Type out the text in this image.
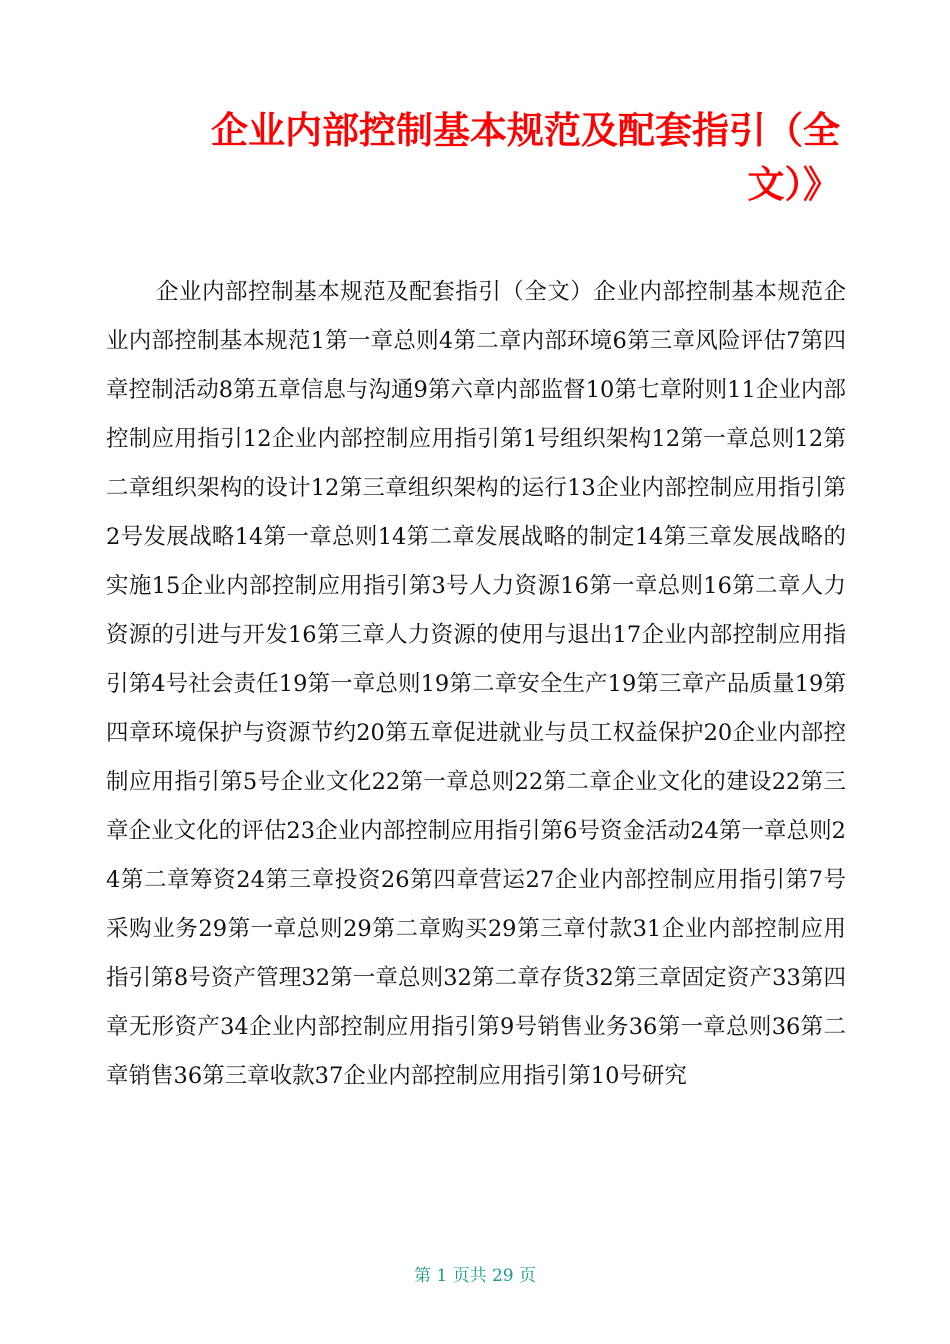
企业内部控制基本规范及配套指引（全文）》

企业内部控制基本规范及配套指引（全文）企业内部控制基本规范企业内部控制基本规范1第一章总则4第二章内部环境6第三章风险评估7第四章控制活动8第五章信息与沟通9第六章内部监督10第七章附则11企业内部控制应用指引12企业内部控制应用指引第1号组织架构12第一章总则12第二章组织架构的设计12第三章组织架构的运行13企业内部控制应用指引第2号发展战略14第一章总则14第二章发展战略的制定14第三章发展战略的实施15企业内部控制应用指引第3号人力资源16第一章总则16第二章人力资源的引进与开发16第三章人力资源的使用与退出17企业内部控制应用指引第4号社会责任19第一章总则19第二章安全生产19第三章产品质量19第四章环境保护与资源节约20第五章促进就业与员工权益保护20企业内部控制应用指引第5号企业文化22第一章总则22第二章企业文化的建设22第三章企业文化的评估23企业内部控制应用指引第6号资金活动24第一章总则24第二章筹资24第三章投资26第四章营运27企业内部控制应用指引第7号采购业务29第一章总则29第二章购买29第三章付款31企业内部控制应用指引第8号资产管理32第一章总则32第二章存货32第三章固定资产33第四章无形资产34企业内部控制应用指引第9号销售业务36第一章总则36第二章销售36第三章收款37企业内部控制应用指引第10号研究

第 1 页共 29 页
